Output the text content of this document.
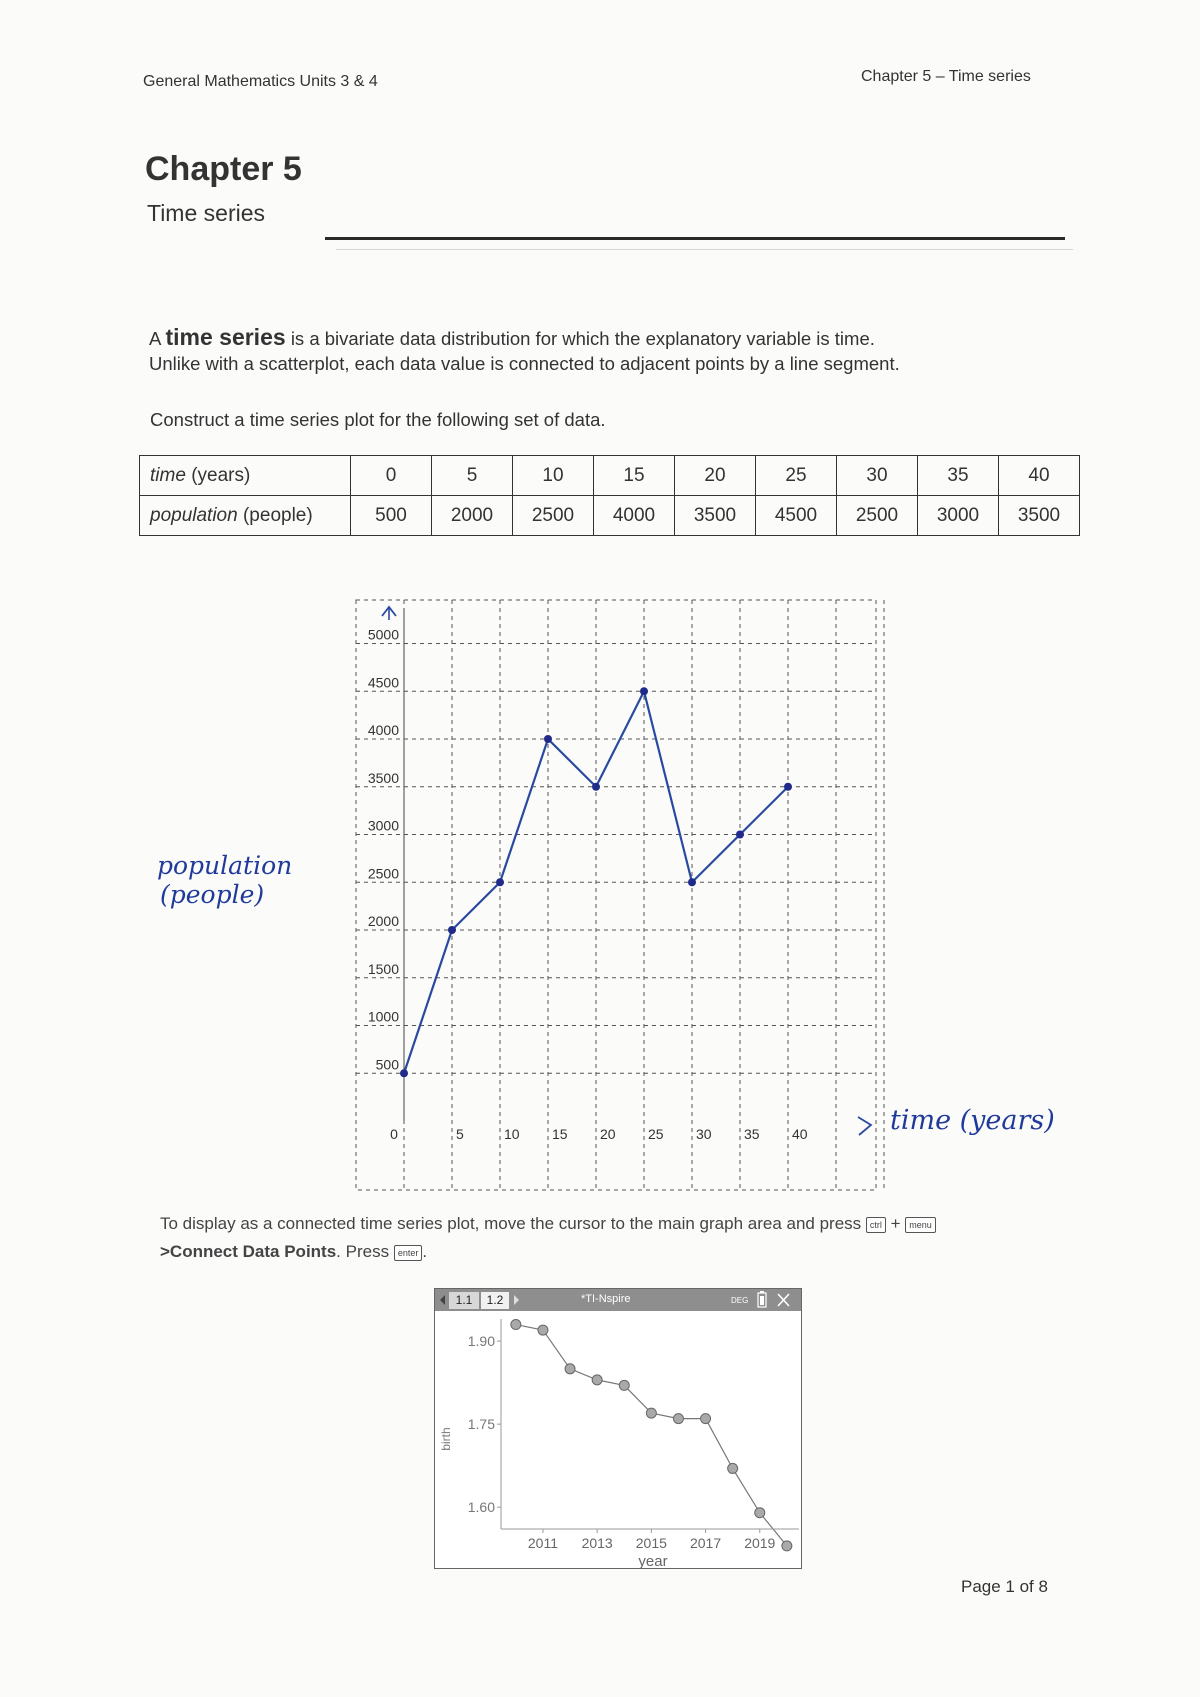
General Mathematics Units 3 & 4	Chapter 5 – Time series
Chapter 5
Time series
A time series is a bivariate data distribution for which the explanatory variable is time.
Unlike with a scatterplot, each data value is connected to adjacent points by a line segment.
Construct a time series plot for the following set of data.
time (years)	0	5	10	15	20	25	30	35	40
population (people)	500	2000	2500	4000	3500	4500	2500	3000	3500
500
1000
1500
2000
2500
3000
3500
4000
4500
5000
0	5	10 15 20 25 30 35 40	time (years)
population
(people)
To display as a connected time series plot, move the cursor to the main graph area and press ctrl + menu
>Connect Data Points. Press enter .
1.1	1.2	*TI-Nspire	DEG
1.60
1.75
1.90
2011 2013 2015 2017 2019
birth
year
Page 1 of 8
